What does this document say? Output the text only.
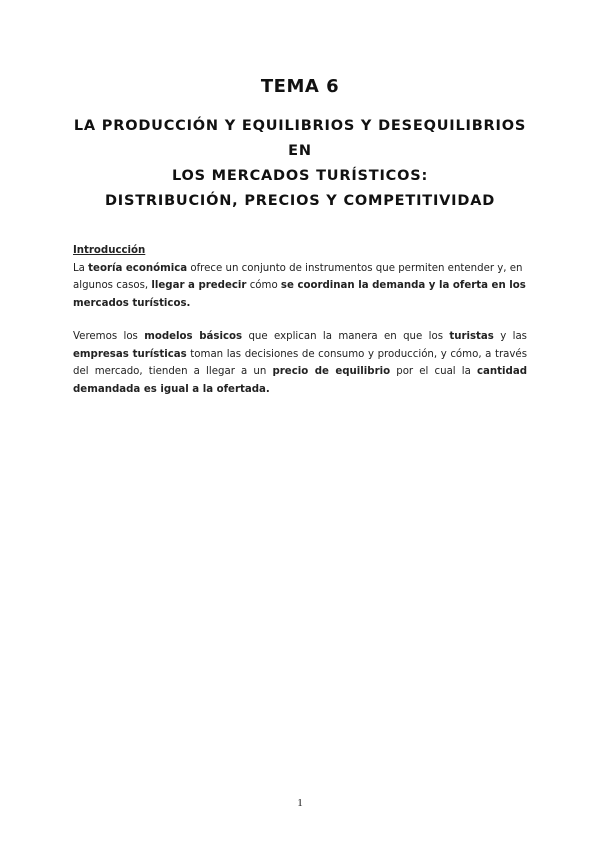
TEMA 6
LA PRODUCCIÓN Y EQUILIBRIOS Y DESEQUILIBRIOS EN
LOS MERCADOS TURÍSTICOS:
DISTRIBUCIÓN, PRECIOS Y COMPETITIVIDAD

Introducción

La teoría económica ofrece un conjunto de instrumentos que permiten entender y, en algunos casos, llegar a predecir cómo se coordinan la demanda y la oferta en los mercados turísticos.

Veremos los modelos básicos que explican la manera en que los turistas y las empresas turísticas toman las decisiones de consumo y producción, y cómo, a través del mercado, tienden a llegar a un precio de equilibrio por el cual la cantidad demandada es igual a la ofertada.

1
